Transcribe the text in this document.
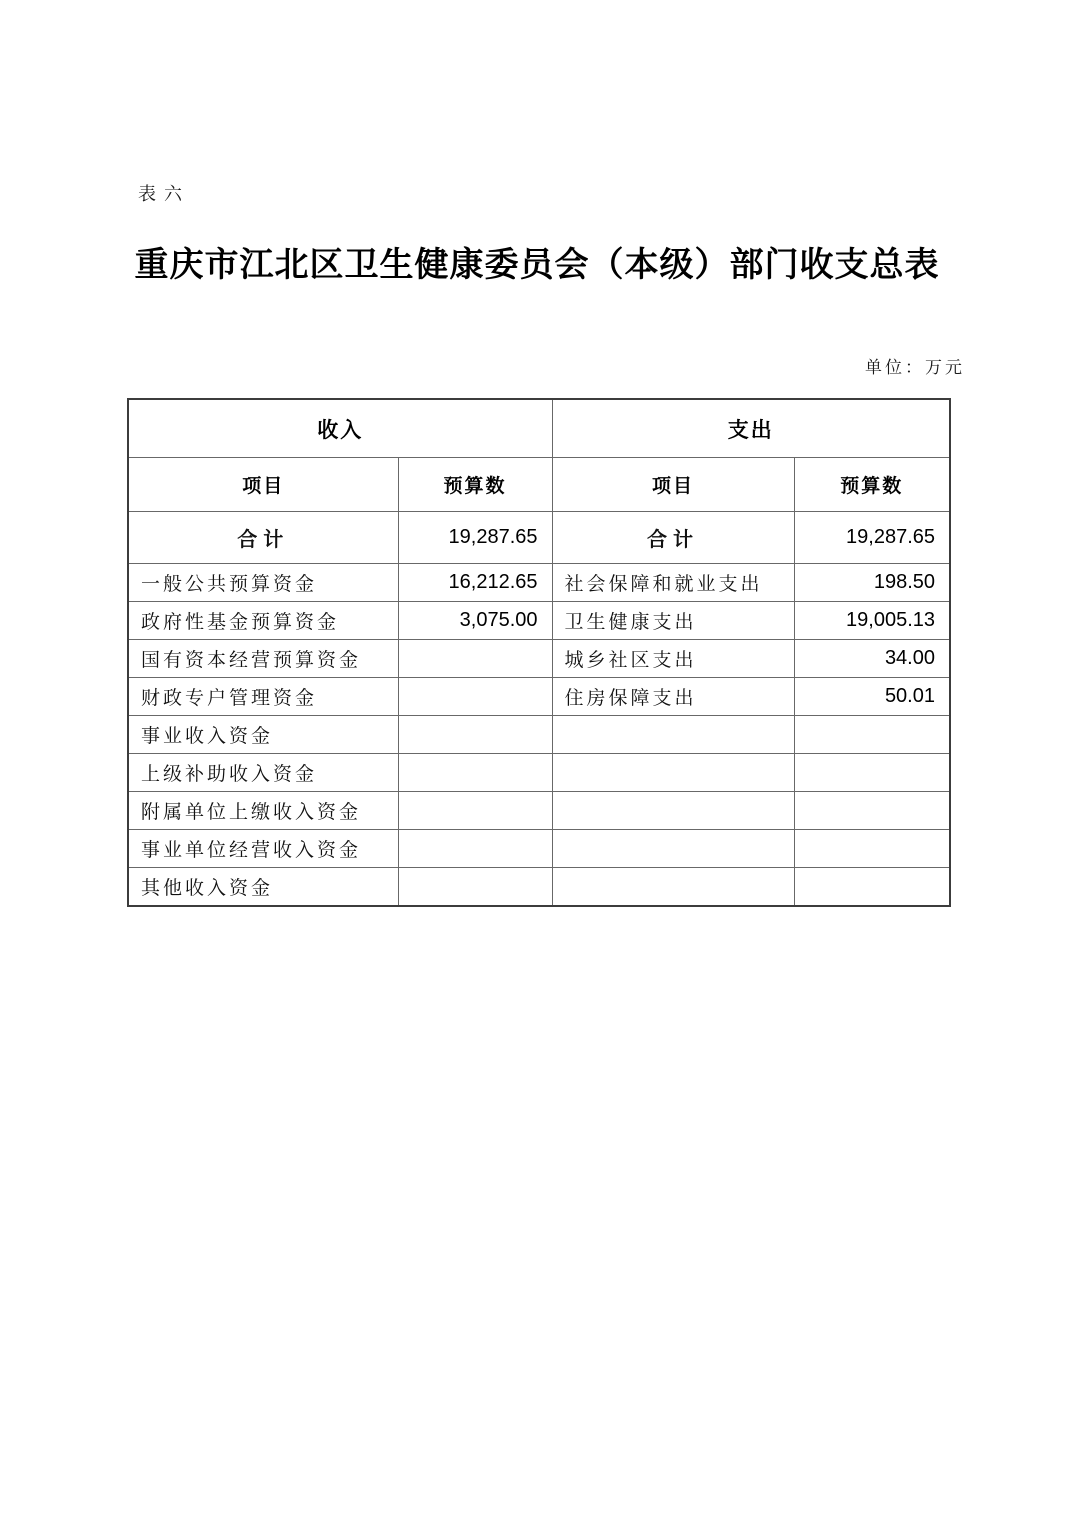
表六
重庆市江北区卫生健康委员会（本级）部门收支总表
单位：万元
收入		支出	
项目	预算数	项目	预算数
合计	19,287.65	合计	19,287.65
一般公共预算资金	16,212.65	社会保障和就业支出	198.50
政府性基金预算资金	3,075.00	卫生健康支出	19,005.13
国有资本经营预算资金		城乡社区支出	34.00
财政专户管理资金		住房保障支出	50.01
事业收入资金			
上级补助收入资金			
附属单位上缴收入资金			
事业单位经营收入资金			
其他收入资金			
